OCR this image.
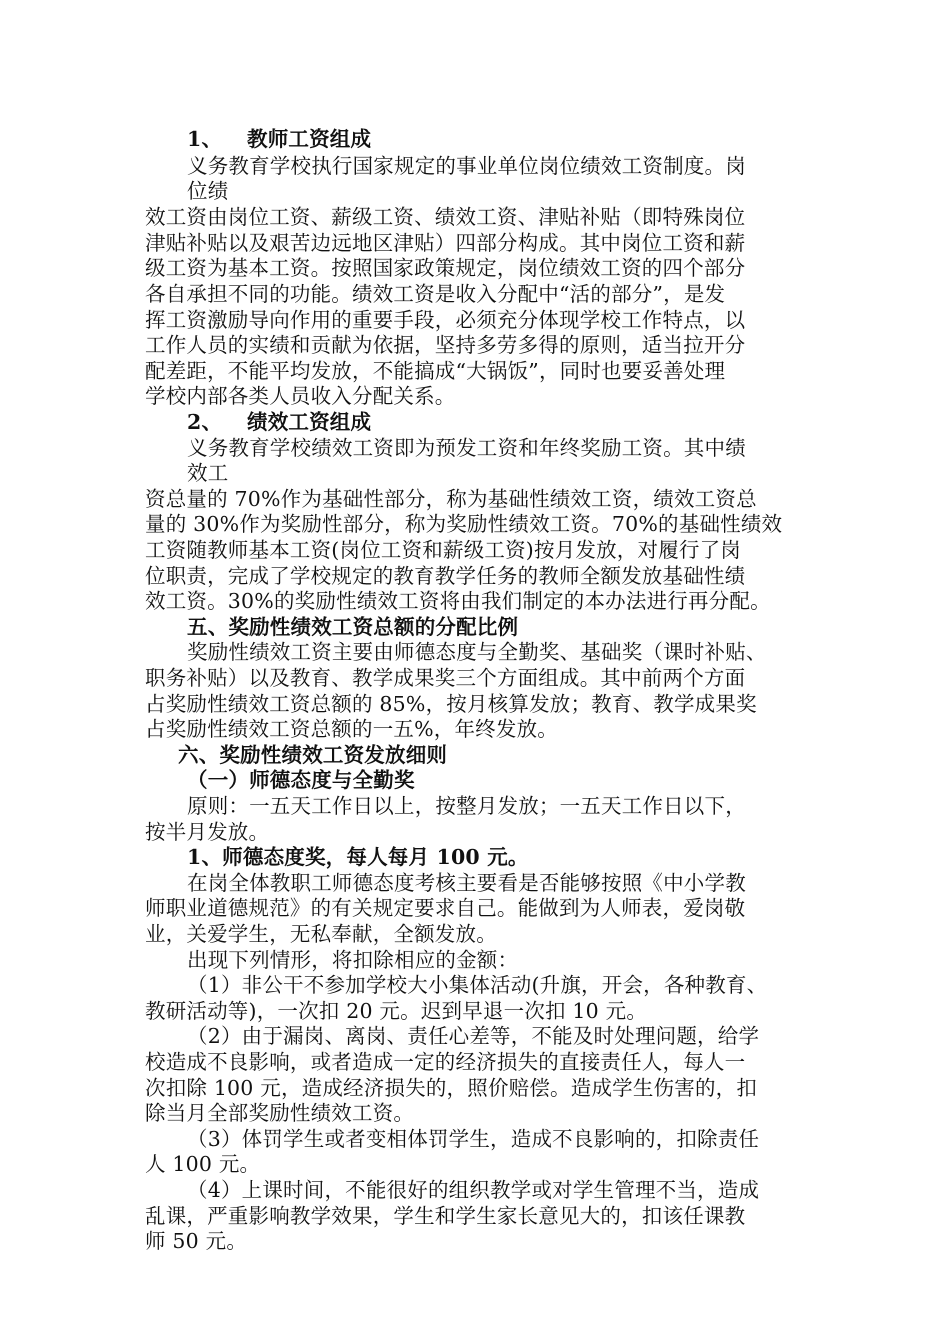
1、 教师工资组成
义务教育学校执行国家规定的事业单位岗位绩效工资制度。岗
位绩
效工资由岗位工资、薪级工资、绩效工资、津贴补贴（即特殊岗位
津贴补贴以及艰苦边远地区津贴）四部分构成。其中岗位工资和薪
级工资为基本工资。按照国家政策规定，岗位绩效工资的四个部分
各自承担不同的功能。绩效工资是收入分配中“活的部分”，是发
挥工资激励导向作用的重要手段，必须充分体现学校工作特点，以
工作人员的实绩和贡献为依据，坚持多劳多得的原则，适当拉开分
配差距，不能平均发放，不能搞成“大锅饭”，同时也要妥善处理
学校内部各类人员收入分配关系。
2、 绩效工资组成
义务教育学校绩效工资即为预发工资和年终奖励工资。其中绩
效工
资总量的 70%作为基础性部分，称为基础性绩效工资，绩效工资总
量的 30%作为奖励性部分，称为奖励性绩效工资。70%的基础性绩效
工资随教师基本工资(岗位工资和薪级工资)按月发放，对履行了岗
位职责，完成了学校规定的教育教学任务的教师全额发放基础性绩
效工资。30%的奖励性绩效工资将由我们制定的本办法进行再分配。
五、奖励性绩效工资总额的分配比例
奖励性绩效工资主要由师德态度与全勤奖、基础奖（课时补贴、
职务补贴）以及教育、教学成果奖三个方面组成。其中前两个方面
占奖励性绩效工资总额的 85%，按月核算发放；教育、教学成果奖
占奖励性绩效工资总额的一五%，年终发放。
六、奖励性绩效工资发放细则
（一）师德态度与全勤奖
原则：一五天工作日以上，按整月发放；一五天工作日以下，
按半月发放。
1、师德态度奖，每人每月 100 元。
在岗全体教职工师德态度考核主要看是否能够按照《中小学教
师职业道德规范》的有关规定要求自己。能做到为人师表，爱岗敬
业，关爱学生，无私奉献，全额发放。
出现下列情形，将扣除相应的金额：
（1）非公干不参加学校大小集体活动(升旗，开会，各种教育、
教研活动等)，一次扣 20 元。迟到早退一次扣 10 元。
（2）由于漏岗、离岗、责任心差等，不能及时处理问题，给学
校造成不良影响，或者造成一定的经济损失的直接责任人，每人一
次扣除 100 元，造成经济损失的，照价赔偿。造成学生伤害的，扣
除当月全部奖励性绩效工资。
（3）体罚学生或者变相体罚学生，造成不良影响的，扣除责任
人 100 元。
（4）上课时间，不能很好的组织教学或对学生管理不当，造成
乱课，严重影响教学效果，学生和学生家长意见大的，扣该任课教
师 50 元。
